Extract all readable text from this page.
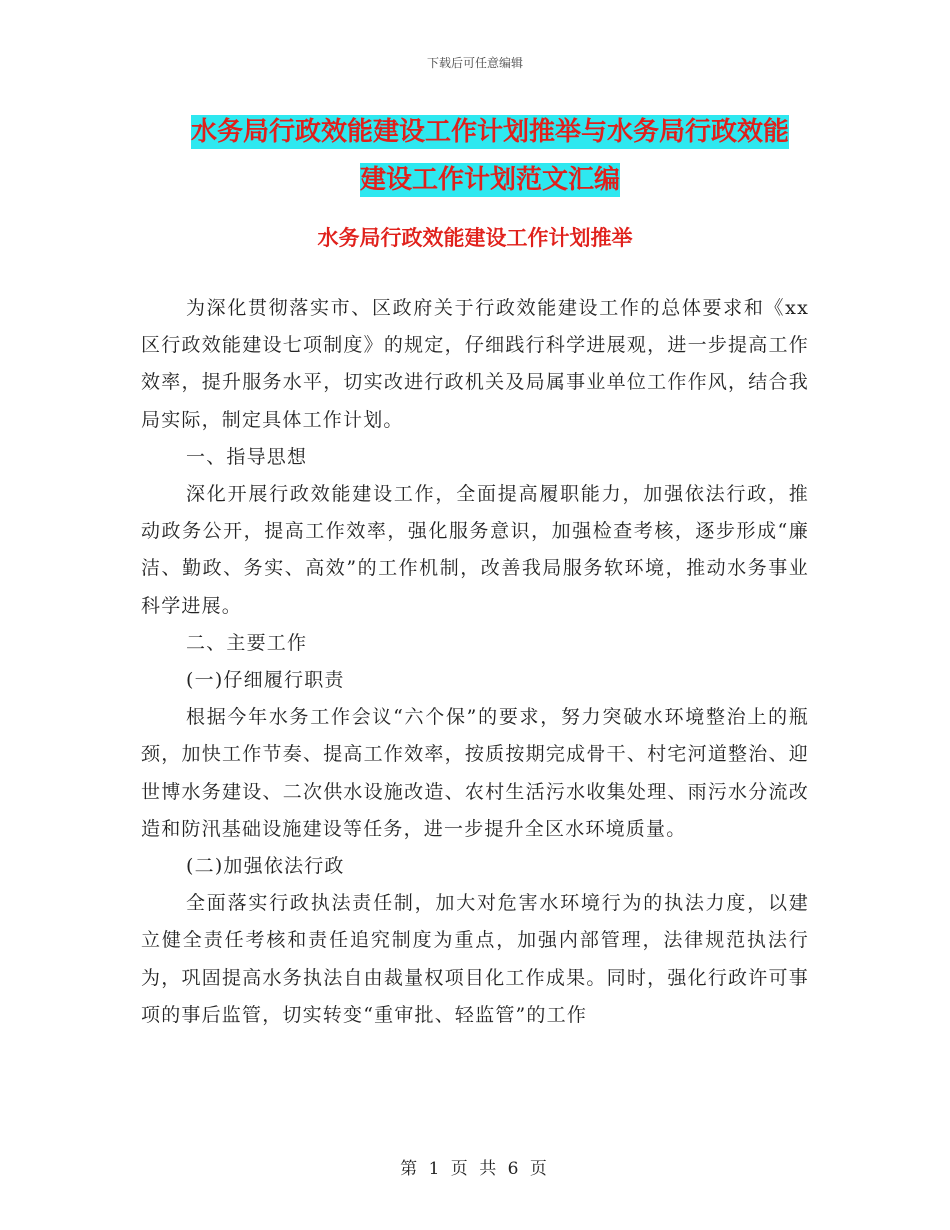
下载后可任意编辑
水务局行政效能建设工作计划推举与水务局行政效能
建设工作计划范文汇编
水务局行政效能建设工作计划推举

为深化贯彻落实市、区政府关于行政效能建设工作的总体要求和《xx区行政效能建设七项制度》的规定，仔细践行科学进展观，进一步提高工作效率，提升服务水平，切实改进行政机关及局属事业单位工作作风，结合我局实际，制定具体工作计划。

一、指导思想

深化开展行政效能建设工作，全面提高履职能力，加强依法行政，推动政务公开，提高工作效率，强化服务意识，加强检查考核，逐步形成“廉洁、勤政、务实、高效”的工作机制，改善我局服务软环境，推动水务事业科学进展。

二、主要工作

(一)仔细履行职责

根据今年水务工作会议“六个保”的要求，努力突破水环境整治上的瓶颈，加快工作节奏、提高工作效率，按质按期完成骨干、村宅河道整治、迎世博水务建设、二次供水设施改造、农村生活污水收集处理、雨污水分流改造和防汛基础设施建设等任务，进一步提升全区水环境质量。

(二)加强依法行政

全面落实行政执法责任制，加大对危害水环境行为的执法力度，以建立健全责任考核和责任追究制度为重点，加强内部管理，法律规范执法行为，巩固提高水务执法自由裁量权项目化工作成果。同时，强化行政许可事项的事后监管，切实转变“重审批、轻监管”的工作

第 1 页 共 6 页
